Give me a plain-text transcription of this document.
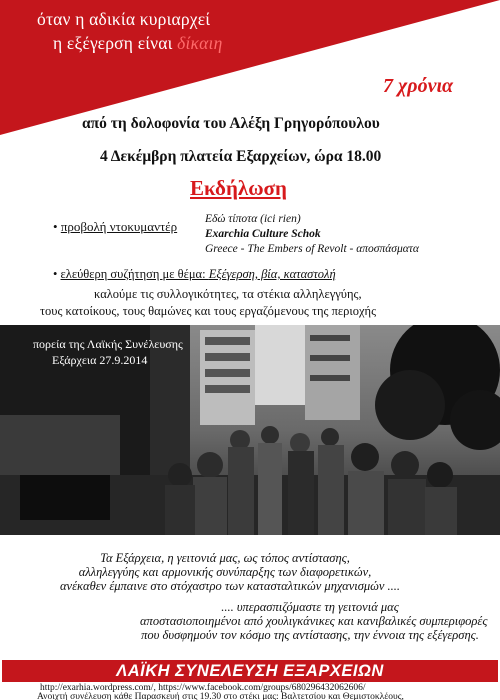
όταν η αδικία κυριαρχεί
η εξέγερση είναι δίκαιη
7 χρόνια
από τη δολοφονία του Αλέξη Γρηγορόπουλου
4 Δεκέμβρη πλατεία Εξαρχείων, ώρα 18.00
Εκδήλωση
• προβολή ντοκυμαντέρ Εδώ τίποτα (ici rien)
Exarchia Culture Schok
Greece - The Embers of Revolt - αποσπάσματα
• ελεύθερη συζήτηση με θέμα: Εξέγερση, βία, καταστολή
καλούμε τις συλλογικότητες, τα στέκια αλληλεγγύης,
τους κατοίκους, τους θαμώνες και τους εργαζόμενους της περιοχής
πορεία της Λαϊκής Συνέλευσης
Εξάρχεια 27.9.2014
Τα Εξάρχεια, η γειτονιά μας, ως τόπος αντίστασης,
αλληλεγγύης και αρμονικής συνύπαρξης των διαφορετικών,
ανέκαθεν έμπαινε στο στόχαστρο των κατασταλτικών μηχανισμών ....
.... υπερασπιζόμαστε τη γειτονιά μας
αποστασιοποιημένοι από χουλιγκάνικες και κανιβαλικές συμπεριφορές
που δυσφημούν τον κόσμο της αντίστασης, την έννοια της εξέγερσης.
ΛΑΪΚΗ ΣΥΝΕΛΕΥΣΗ ΕΞΑΡΧΕΙΩΝ
http://exarhia.wordpress.com/, https://www.facebook.com/groups/680296432062606/
Ανοιχτή συνέλευση κάθε Παρασκευή στις 19.30 στο στέκι μας: Βαλτετσίου και Θεμιστοκλέους,
